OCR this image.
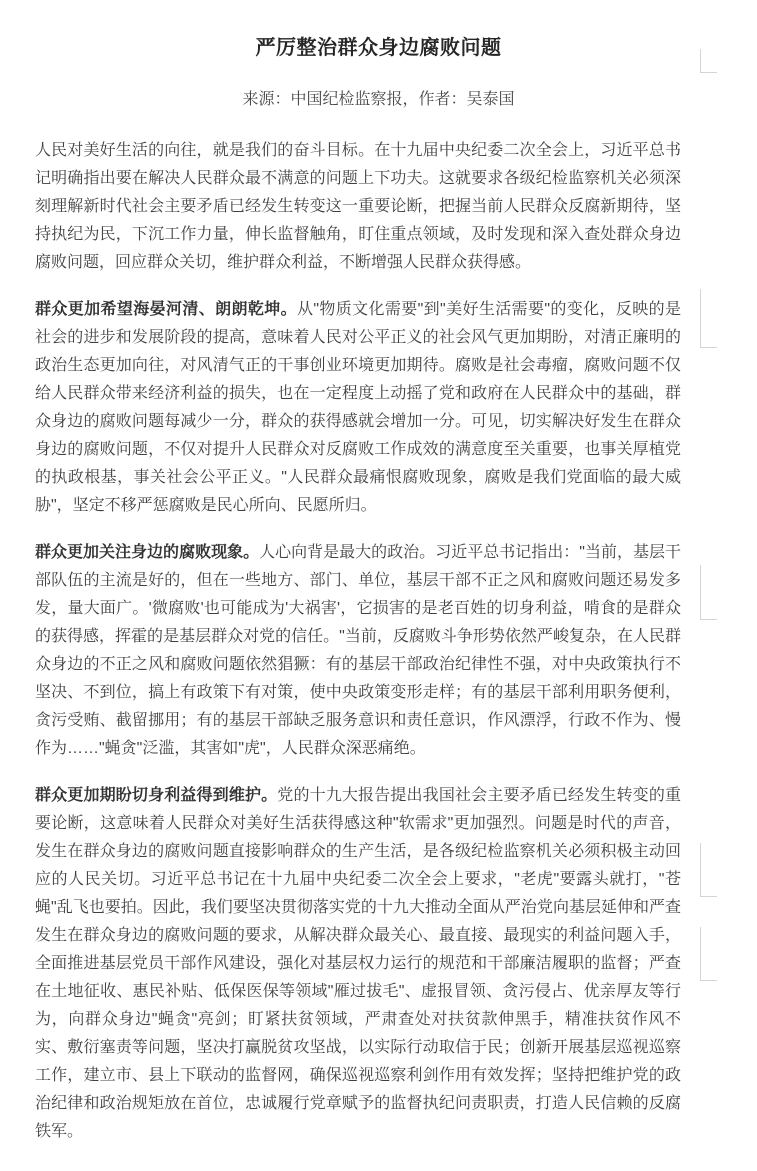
严厉整治群众身边腐败问题
来源：中国纪检监察报，作者：吴泰国

人民对美好生活的向往，就是我们的奋斗目标。在十九届中央纪委二次全会上，习近平总书记明确指出要在解决人民群众最不满意的问题上下功夫。这就要求各级纪检监察机关必须深刻理解新时代社会主要矛盾已经发生转变这一重要论断，把握当前人民群众反腐新期待，坚持执纪为民，下沉工作力量，伸长监督触角，盯住重点领域，及时发现和深入查处群众身边腐败问题，回应群众关切，维护群众利益，不断增强人民群众获得感。

群众更加希望海晏河清、朗朗乾坤。从"物质文化需要"到"美好生活需要"的变化，反映的是社会的进步和发展阶段的提高，意味着人民对公平正义的社会风气更加期盼，对清正廉明的政治生态更加向往，对风清气正的干事创业环境更加期待。腐败是社会毒瘤，腐败问题不仅给人民群众带来经济利益的损失，也在一定程度上动摇了党和政府在人民群众中的基础，群众身边的腐败问题每减少一分，群众的获得感就会增加一分。可见，切实解决好发生在群众身边的腐败问题，不仅对提升人民群众对反腐败工作成效的满意度至关重要，也事关厚植党的执政根基，事关社会公平正义。"人民群众最痛恨腐败现象，腐败是我们党面临的最大威胁"，坚定不移严惩腐败是民心所向、民愿所归。

群众更加关注身边的腐败现象。人心向背是最大的政治。习近平总书记指出："当前，基层干部队伍的主流是好的，但在一些地方、部门、单位，基层干部不正之风和腐败问题还易发多发，量大面广。'微腐败'也可能成为'大祸害'，它损害的是老百姓的切身利益，啃食的是群众的获得感，挥霍的是基层群众对党的信任。"当前，反腐败斗争形势依然严峻复杂，在人民群众身边的不正之风和腐败问题依然猖獗：有的基层干部政治纪律性不强，对中央政策执行不坚决、不到位，搞上有政策下有对策，使中央政策变形走样；有的基层干部利用职务便利，贪污受贿、截留挪用；有的基层干部缺乏服务意识和责任意识，作风漂浮，行政不作为、慢作为……"蝇贪"泛滥，其害如"虎"，人民群众深恶痛绝。

群众更加期盼切身利益得到维护。党的十九大报告提出我国社会主要矛盾已经发生转变的重要论断，这意味着人民群众对美好生活获得感这种"软需求"更加强烈。问题是时代的声音，发生在群众身边的腐败问题直接影响群众的生产生活，是各级纪检监察机关必须积极主动回应的人民关切。习近平总书记在十九届中央纪委二次全会上要求，"老虎"要露头就打，"苍蝇"乱飞也要拍。因此，我们要坚决贯彻落实党的十九大推动全面从严治党向基层延伸和严查发生在群众身边的腐败问题的要求，从解决群众最关心、最直接、最现实的利益问题入手，全面推进基层党员干部作风建设，强化对基层权力运行的规范和干部廉洁履职的监督；严查在土地征收、惠民补贴、低保医保等领域"雁过拔毛"、虚报冒领、贪污侵占、优亲厚友等行为，向群众身边"蝇贪"亮剑；盯紧扶贫领域，严肃查处对扶贫款伸黑手，精准扶贫作风不实、敷衍塞责等问题，坚决打赢脱贫攻坚战，以实际行动取信于民；创新开展基层巡视巡察工作，建立市、县上下联动的监督网，确保巡视巡察利剑作用有效发挥；坚持把维护党的政治纪律和政治规矩放在首位，忠诚履行党章赋予的监督执纪问责职责，打造人民信赖的反腐铁军。
